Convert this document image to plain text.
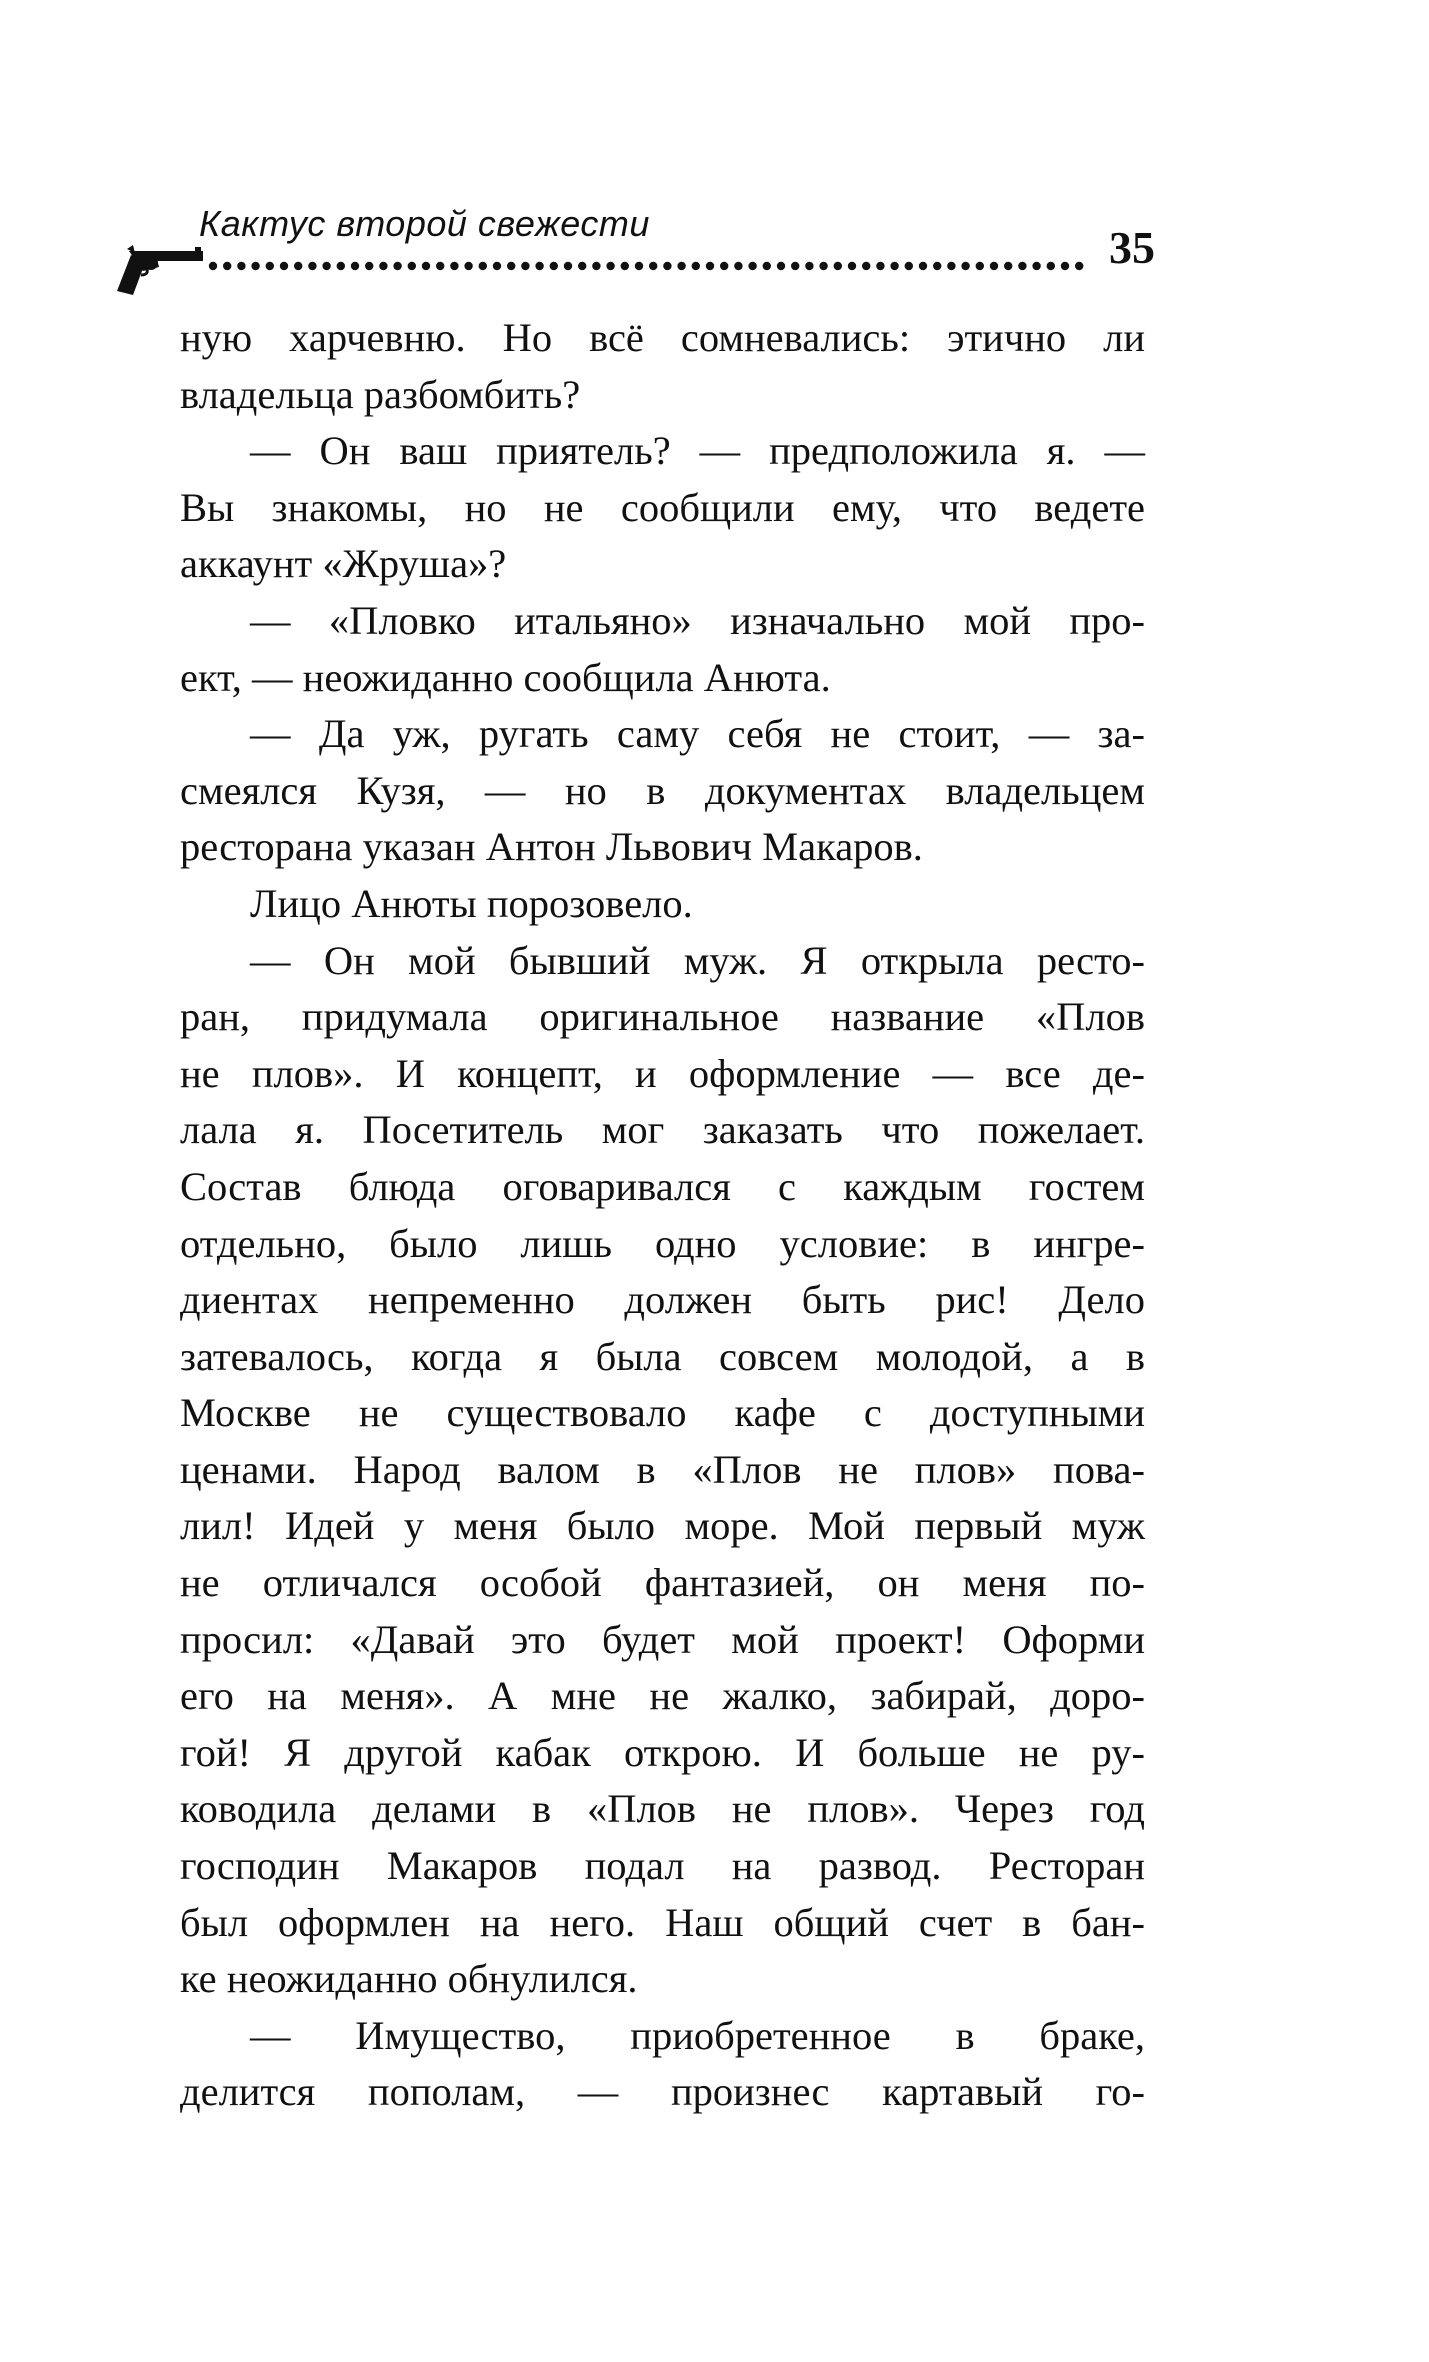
Кактус второй свежести	35
ную харчевню. Но всё сомневались: этично ли
владельца разбомбить?
— Он ваш приятель? — предположила я. —
Вы знакомы, но не сообщили ему, что ведете
аккаунт «Жруша»?
— «Пловко итальяно» изначально мой про-
ект, — неожиданно сообщила Анюта.
— Да уж, ругать саму себя не стоит, — за-
смеялся Кузя, — но в документах владельцем
ресторана указан Антон Львович Макаров.
Лицо Анюты порозовело.
— Он мой бывший муж. Я открыла ресто-
ран, придумала оригинальное название «Плов
не плов». И концепт, и оформление — все де-
лала я. Посетитель мог заказать что пожелает.
Состав блюда оговаривался с каждым гостем
отдельно, было лишь одно условие: в ингре-
диентах непременно должен быть рис! Дело
затевалось, когда я была совсем молодой, а в
Москве не существовало кафе с доступными
ценами. Народ валом в «Плов не плов» пова-
лил! Идей у меня было море. Мой первый муж
не отличался особой фантазией, он меня по-
просил: «Давай это будет мой проект! Оформи
его на меня». А мне не жалко, забирай, доро-
гой! Я другой кабак открою. И больше не ру-
ководила делами в «Плов не плов». Через год
господин Макаров подал на развод. Ресторан
был оформлен на него. Наш общий счет в бан-
ке неожиданно обнулился.
— Имущество, приобретенное в браке,
делится пополам, — произнес картавый го-
